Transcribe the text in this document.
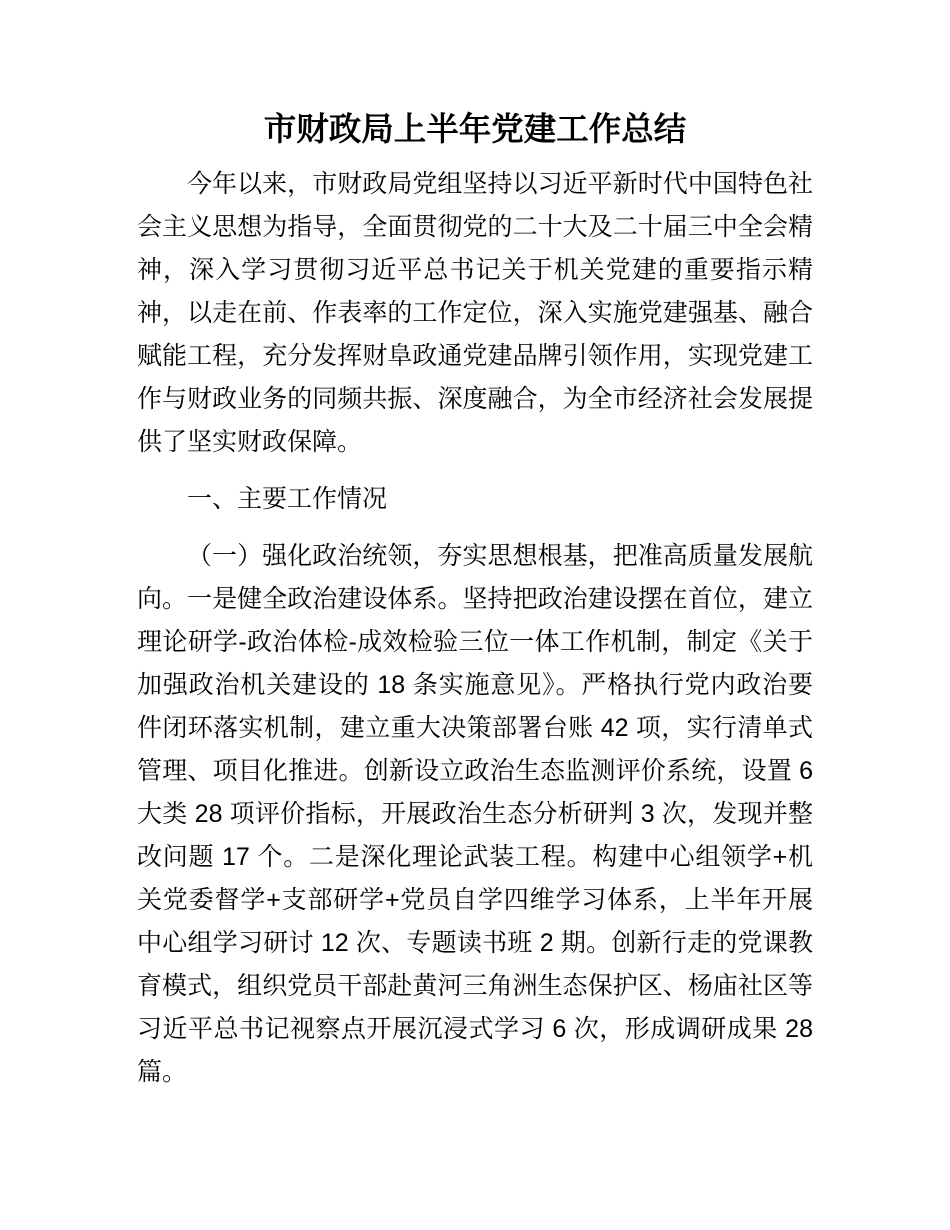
市财政局上半年党建工作总结

今年以来，市财政局党组坚持以习近平新时代中国特色社会主义思想为指导，全面贯彻党的二十大及二十届三中全会精神，深入学习贯彻习近平总书记关于机关党建的重要指示精神，以走在前、作表率的工作定位，深入实施党建强基、融合赋能工程，充分发挥财阜政通党建品牌引领作用，实现党建工作与财政业务的同频共振、深度融合，为全市经济社会发展提供了坚实财政保障。

一、主要工作情况

（一）强化政治统领，夯实思想根基，把准高质量发展航向。一是健全政治建设体系。坚持把政治建设摆在首位，建立理论研学-政治体检-成效检验三位一体工作机制，制定《关于加强政治机关建设的 18 条实施意见》。严格执行党内政治要件闭环落实机制，建立重大决策部署台账 42 项，实行清单式管理、项目化推进。创新设立政治生态监测评价系统，设置 6 大类 28 项评价指标，开展政治生态分析研判 3 次，发现并整改问题 17 个。二是深化理论武装工程。构建中心组领学+机关党委督学+支部研学+党员自学四维学习体系，上半年开展中心组学习研讨 12 次、专题读书班 2 期。创新行走的党课教育模式，组织党员干部赴黄河三角洲生态保护区、杨庙社区等习近平总书记视察点开展沉浸式学习 6 次，形成调研成果 28 篇。
